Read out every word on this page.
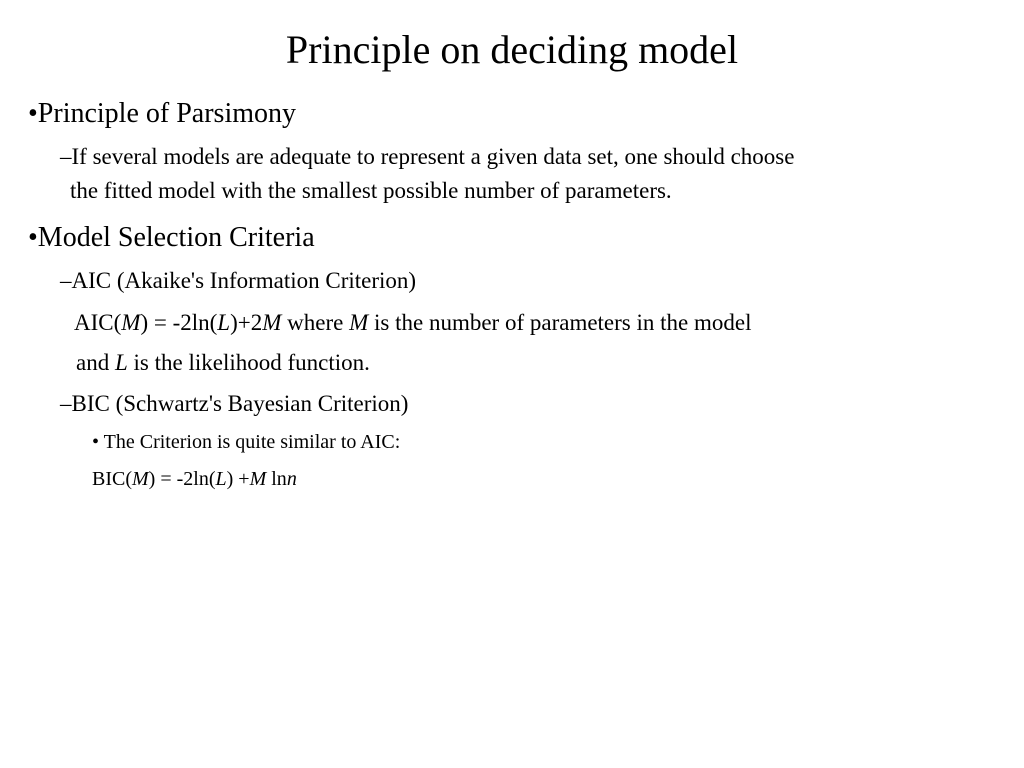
Principle on deciding model
•Principle of Parsimony
–If several models are adequate to represent a given data set, one should choose
the fitted model with the smallest possible number of parameters.
•Model Selection Criteria
–AIC (Akaike's Information Criterion)
AIC(M) = -2ln(L)+2M where M is the number of parameters in the model
and L is the likelihood function.
–BIC (Schwartz's Bayesian Criterion)
• The Criterion is quite similar to AIC:
BIC(M) = -2ln(L) +M lnn
